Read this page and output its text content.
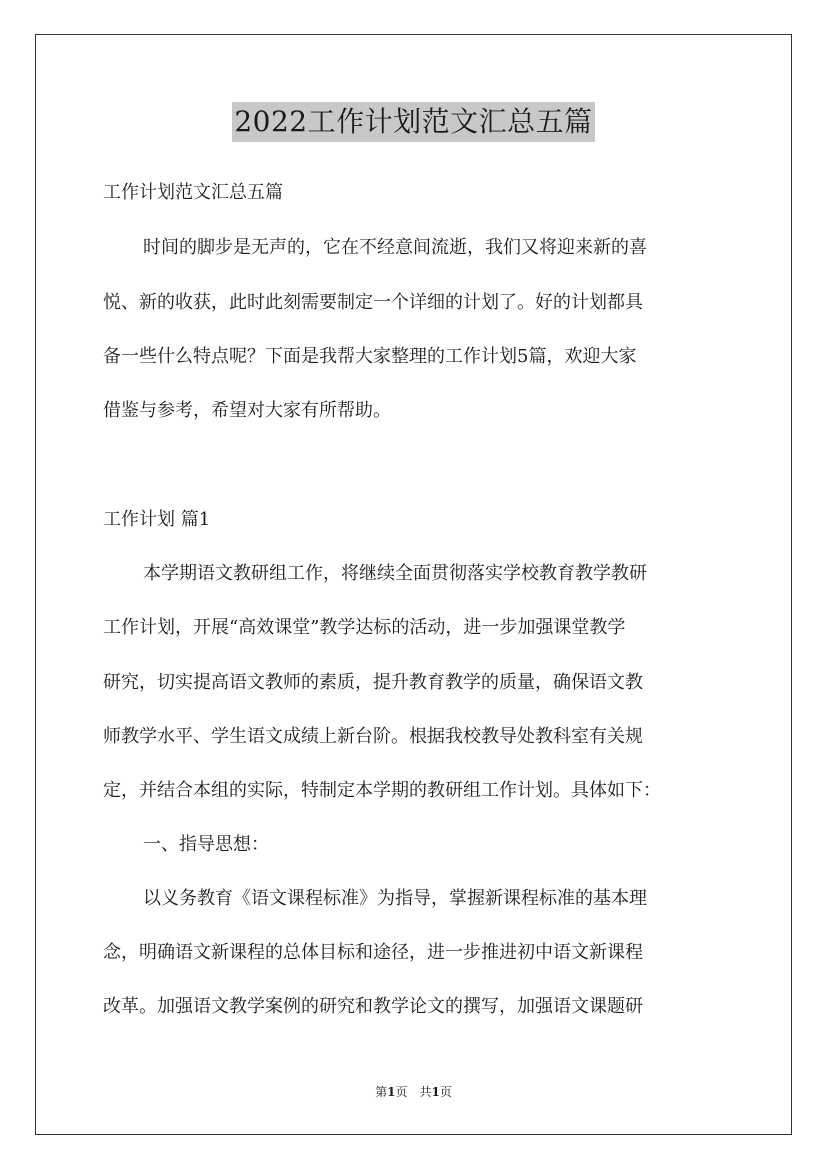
2022工作计划范文汇总五篇

工作计划范文汇总五篇

时间的脚步是无声的，它在不经意间流逝，我们又将迎来新的喜

悦、新的收获，此时此刻需要制定一个详细的计划了。好的计划都具

备一些什么特点呢？下面是我帮大家整理的工作计划5篇，欢迎大家

借鉴与参考，希望对大家有所帮助。

工作计划 篇1

本学期语文教研组工作，将继续全面贯彻落实学校教育教学教研

工作计划，开展“高效课堂”教学达标的活动，进一步加强课堂教学

研究，切实提高语文教师的素质，提升教育教学的质量，确保语文教

师教学水平、学生语文成绩上新台阶。根据我校教导处教科室有关规

定，并结合本组的实际，特制定本学期的教研组工作计划。具体如下：

一、指导思想：

以义务教育《语文课程标准》为指导，掌握新课程标准的基本理

念，明确语文新课程的总体目标和途径，进一步推进初中语文新课程

改革。加强语文教学案例的研究和教学论文的撰写，加强语文课题研

第1页　共1页
